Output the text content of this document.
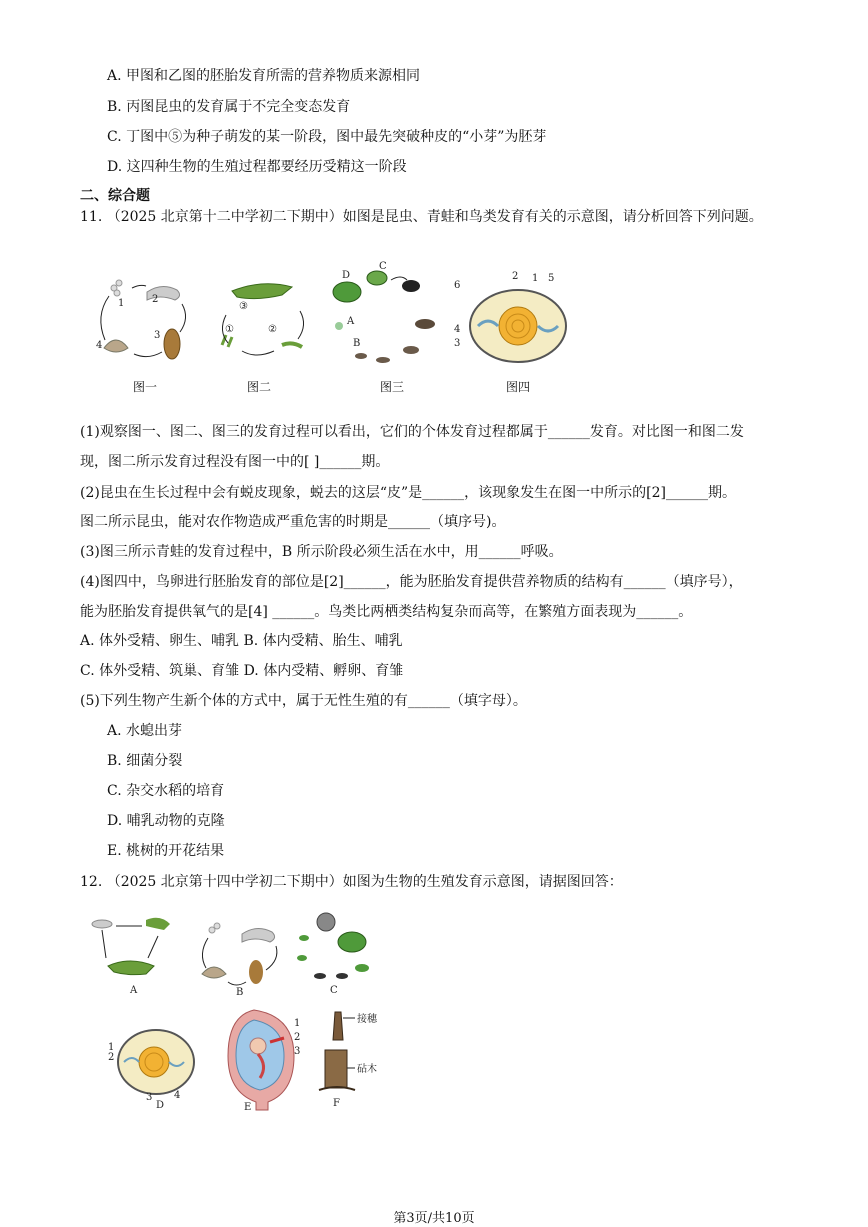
A. 甲图和乙图的胚胎发育所需的营养物质来源相同
B. 丙图昆虫的发育属于不完全变态发育
C. 丁图中⑤为种子萌发的某一阶段，图中最先突破种皮的“小芽”为胚芽
D. 这四种生物的生殖过程都要经历受精这一阶段
二、综合题
11. （2025 北京第十二中学初二下期中）如图是昆虫、青蛙和鸟类发育有关的示意图，请分析回答下列问题。
1	2
3
4
图一
③
①	②
图二
D
C
A
B
图三
6
2 1 5
4
3
图四
(1)观察图一、图二、图三的发育过程可以看出，它们的个体发育过程都属于______发育。对比图一和图二发
现，图二所示发育过程没有图一中的[ ]______期。
(2)昆虫在生长过程中会有蜕皮现象，蜕去的这层“皮”是______，该现象发生在图一中所示的[2]______期。
图二所示昆虫，能对农作物造成严重危害的时期是______（填序号)。
(3)图三所示青蛙的发育过程中，B 所示阶段必须生活在水中，用______呼吸。
(4)图四中，鸟卵进行胚胎发育的部位是[2]______，能为胚胎发育提供营养物质的结构有______（填序号），
能为胚胎发育提供氧气的是[4] ______。鸟类比两栖类结构复杂而高等，在繁殖方面表现为______。
A. 体外受精、卵生、哺乳 B. 体内受精、胎生、哺乳
C. 体外受精、筑巢、育雏 D. 体内受精、孵卵、育雏
(5)下列生物产生新个体的方式中，属于无性生殖的有______（填字母）。
A. 水螅出芽
B. 细菌分裂
C. 杂交水稻的培育
D. 哺乳动物的克隆
E. 桃树的开花结果
12. （2025 北京第十四中学初二下期中）如图为生物的生殖发育示意图，请据图回答：
A	B	C
1
2
3 4
D
1
2
3
E
接穗
砧木
F
第3页/共10页
